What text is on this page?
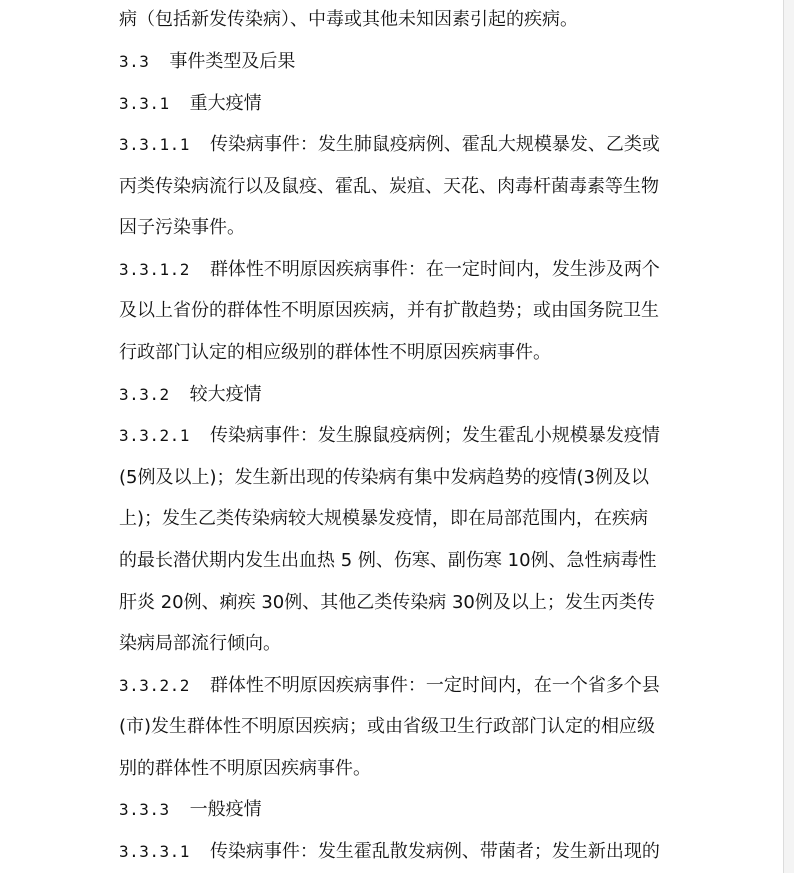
病（包括新发传染病）、中毒或其他未知因素引起的疾病。
3.3 事件类型及后果
3.3.1 重大疫情
3.3.1.1 传染病事件：发生肺鼠疫病例、霍乱大规模暴发、乙类或
丙类传染病流行以及鼠疫、霍乱、炭疽、天花、肉毒杆菌毒素等生物
因子污染事件。
3.3.1.2 群体性不明原因疾病事件：在一定时间内，发生涉及两个
及以上省份的群体性不明原因疾病，并有扩散趋势；或由国务院卫生
行政部门认定的相应级别的群体性不明原因疾病事件。
3.3.2 较大疫情
3.3.2.1 传染病事件：发生腺鼠疫病例；发生霍乱小规模暴发疫情
(5例及以上)；发生新出现的传染病有集中发病趋势的疫情(3例及以
上)；发生乙类传染病较大规模暴发疫情，即在局部范围内，在疾病
的最长潜伏期内发生出血热 5 例、伤寒、副伤寒 10例、急性病毒性
肝炎 20例、痢疾 30例、其他乙类传染病 30例及以上；发生丙类传
染病局部流行倾向。
3.3.2.2 群体性不明原因疾病事件：一定时间内，在一个省多个县
(市)发生群体性不明原因疾病；或由省级卫生行政部门认定的相应级
别的群体性不明原因疾病事件。
3.3.3 一般疫情
3.3.3.1 传染病事件：发生霍乱散发病例、带菌者；发生新出现的
